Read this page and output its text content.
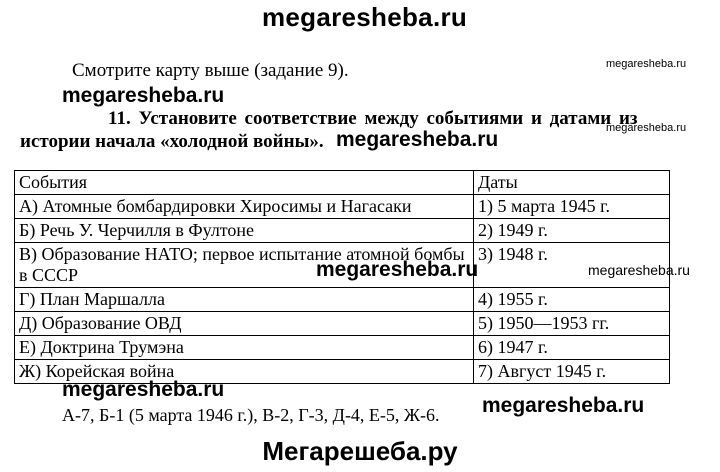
megaresheba.ru
Смотрите карту выше (задание 9).	megaresheba.ru
megaresheba.ru
11. Установите соответствие между событиями и датами из
megaresheba.ru
истории начала «холодной войны». megaresheba.ru
События	Даты
А) Атомные бомбардировки Хиросимы и Нагасаки	1) 5 марта 1945 г.
Б) Речь У. Черчилля в Фултоне	2) 1949 г.
В) Образование НАТО; первое испытание атомной бомбы в СССР	3) 1948 г.
Г) План Маршалла	4) 1955 г.
Д) Образование ОВД	5) 1950—1953 гг.
Е) Доктрина Трумэна	6) 1947 г.
Ж) Корейская война	7) Август 1945 г.
megaresheba.ru	megaresheba.ru
megaresheba.ru
А-7, Б-1 (5 марта 1946 г.), В-2, Г-3, Д-4, Е-5, Ж-6. megaresheba.ru
Мегарешеба.ру
